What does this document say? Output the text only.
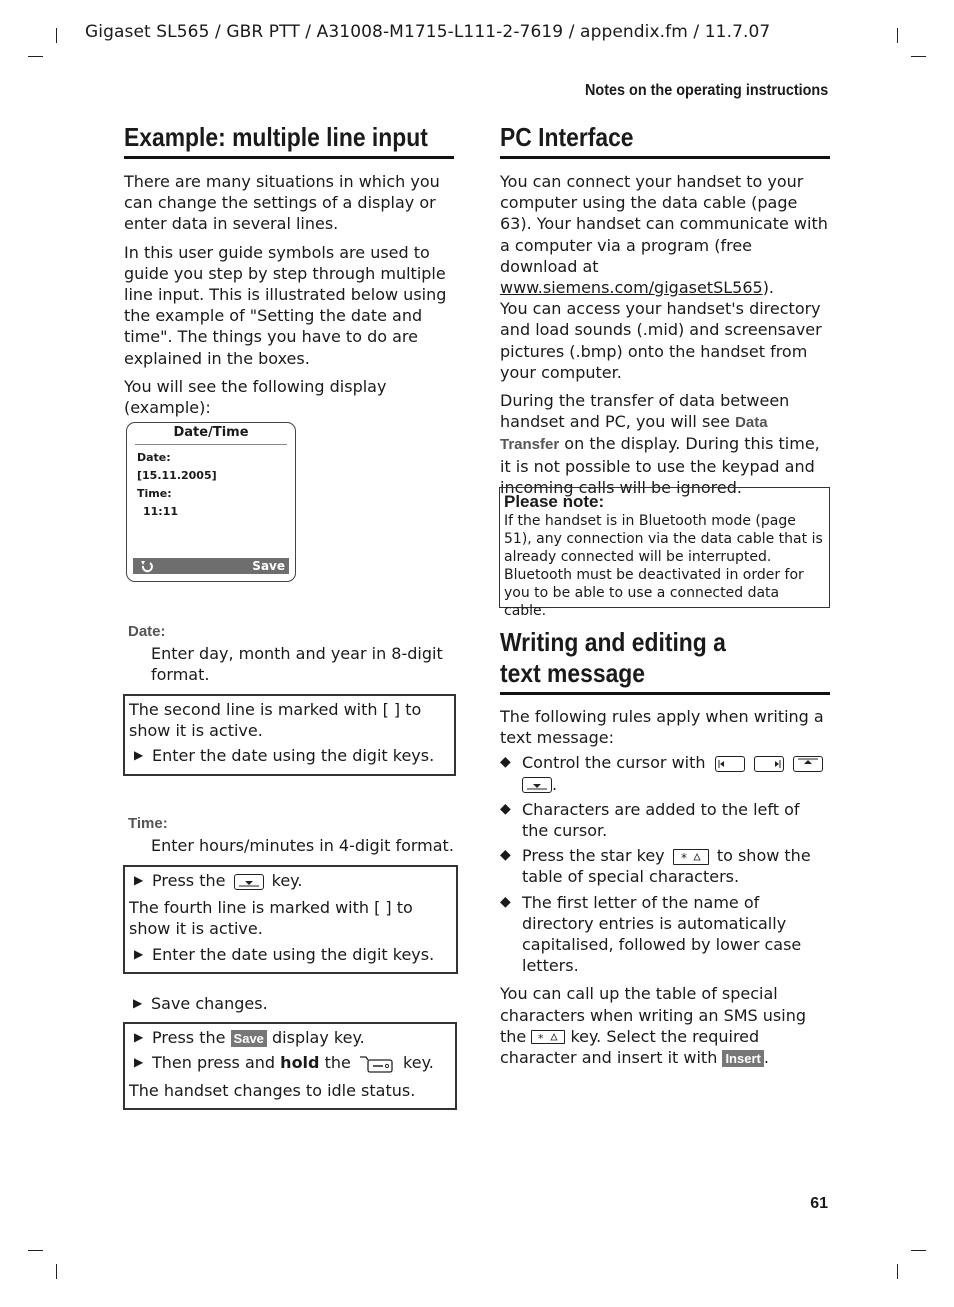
Gigaset SL565 / GBR PTT / A31008-M1715-L111-2-7619 / appendix.fm / 11.7.07
Notes on the operating instructions
61
Example: multiple line input

There are many situations in which you can change the settings of a display or enter data in several lines.

In this user guide symbols are used to guide you step by step through multiple line input. This is illustrated below using the example of "Setting the date and time". The things you have to do are explained in the boxes.

You will see the following display (example):

Date/Time
Date:
[15.11.2005]
Time:
11:11
Save
Date:

Enter day, month and year in 8-digit format.

The second line is marked with [ ] to show it is active.

▶ Enter the date using the digit keys.

Time:

Enter hours/minutes in 4-digit format.

▶ Press the	key.

The fourth line is marked with [ ] to show it is active.

▶ Enter the date using the digit keys.

▶ Save changes.

▶ Press the Save display key.

▶ Then press and hold the	key.

The handset changes to idle status.

PC Interface

You can connect your handset to your computer using the data cable (page 63). Your handset can communicate with a computer via a program (free download at www.siemens.com/gigasetSL565).

You can access your handset's directory and load sounds (.mid) and screensaver pictures (.bmp) onto the handset from your computer.

During the transfer of data between handset and PC, you will see Data Transfer on the display. During this time, it is not possible to use the keypad and incoming calls will be ignored.

Please note:
If the handset is in Bluetooth mode (page 51), any connection via the data cable that is already connected will be interrupted. Bluetooth must be deactivated in order for you to be able to use a connected data cable.
Writing and editing a
text message

The following rules apply when writing a text message:

◆ Control the cursor with

.

◆ Characters are added to the left of the cursor.

◆ Press the star key * to show the table of special characters.

◆ The first letter of the name of directory entries is automatically capitalised, followed by lower case letters.

You can call up the table of special characters when writing an SMS using the * key. Select the required character and insert it with Insert .
